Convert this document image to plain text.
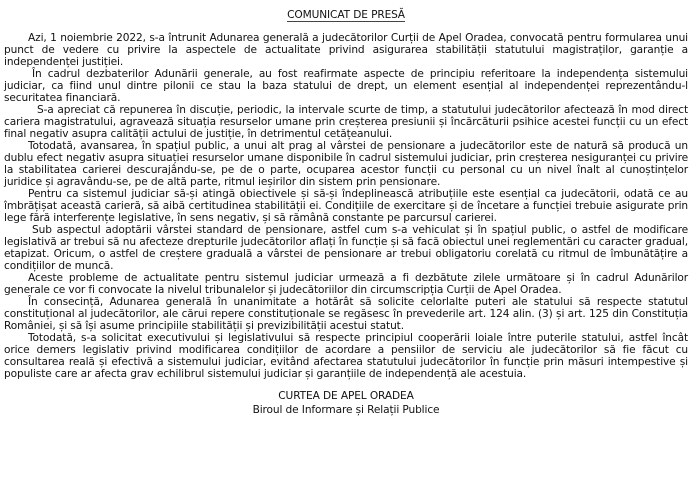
COMUNICAT DE PRESĂ

Azi, 1 noiembrie 2022, s-a întrunit Adunarea generală a judecătorilor Curții de Apel Oradea, convocată pentru formularea unui punct de vedere cu privire la aspectele de actualitate privind asigurarea stabilității statutului magistraților, garanție a independenței justiției.

În cadrul dezbaterilor Adunării generale, au fost reafirmate aspecte de principiu referitoare la independența sistemului judiciar, ca fiind unul dintre pilonii ce stau la baza statului de drept, un element esențial al independenței reprezentându-l securitatea financiară.

S-a apreciat că repunerea în discuție, periodic, la intervale scurte de timp, a statutului judecătorilor afectează în mod direct cariera magistratului, agravează situația resurselor umane prin creșterea presiunii și încărcăturii psihice acestei funcții cu un efect final negativ asupra calității actului de justiție, în detrimentul cetățeanului.

Totodată, avansarea, în spațiul public, a unui alt prag al vârstei de pensionare a judecătorilor este de natură să producă un dublu efect negativ asupra situației resurselor umane disponibile în cadrul sistemului judiciar, prin creșterea nesiguranței cu privire la stabilitatea carierei descurajându-se, pe de o parte, ocuparea acestor funcții cu personal cu un nivel înalt al cunoștințelor juridice și agravându-se, pe de altă parte, ritmul ieșirilor din sistem prin pensionare.

Pentru ca sistemul judiciar să-și atingă obiectivele și să-și îndeplinească atribuțiile este esențial ca judecătorii, odată ce au îmbrățișat această carieră, să aibă certitudinea stabilității ei. Condițiile de exercitare și de încetare a funcției trebuie asigurate prin lege fără interferențe legislative, în sens negativ, și să rămână constante pe parcursul carierei.

Sub aspectul adoptării vârstei standard de pensionare, astfel cum s-a vehiculat și în spațiul public, o astfel de modificare legislativă ar trebui să nu afecteze drepturile judecătorilor aflați în funcție și să facă obiectul unei reglementări cu caracter gradual, etapizat. Oricum, o astfel de creștere graduală a vârstei de pensionare ar trebui obligatoriu corelată cu ritmul de îmbunătățire a condițiilor de muncă.

Aceste probleme de actualitate pentru sistemul judiciar urmează a fi dezbătute zilele următoare și în cadrul Adunărilor generale ce vor fi convocate la nivelul tribunalelor și judecătoriilor din circumscripția Curții de Apel Oradea.

În consecință, Adunarea generală în unanimitate a hotărât să solicite celorlalte puteri ale statului să respecte statutul constituțional al judecătorilor, ale cărui repere constituționale se regăsesc în prevederile art. 124 alin. (3) și art. 125 din Constituția României, și să își asume principiile stabilității și previzibilității acestui statut.

Totodată, s-a solicitat executivului și legislativului să respecte principiul cooperării loiale între puterile statului, astfel încât orice demers legislativ privind modificarea condițiilor de acordare a pensiilor de serviciu ale judecătorilor să fie făcut cu consultarea reală și efectivă a sistemului judiciar, evitând afectarea statutului judecătorilor în funcție prin măsuri intempestive și populiste care ar afecta grav echilibrul sistemului judiciar și garanțiile de independență ale acestuia.

CURTEA DE APEL ORADEA
Biroul de Informare și Relații Publice
